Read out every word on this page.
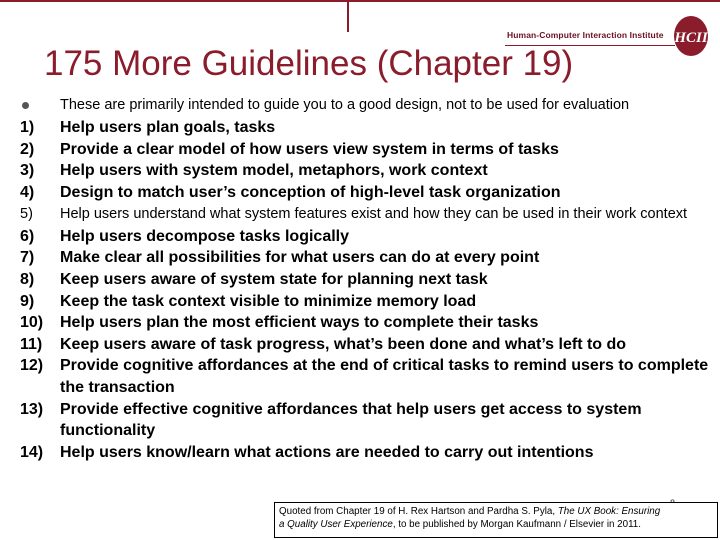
Human-Computer Interaction Institute HCII
175 More Guidelines (Chapter 19)
These are primarily intended to guide you to a good design, not to be used for evaluation
1)	Help users plan goals, tasks
2)	Provide a clear model of how users view system in terms of tasks
3)	Help users with system model, metaphors, work context
4)	Design to match user’s conception of high-level task organization
5)	Help users understand what system features exist and how they can be used in their work context
6)	Help users decompose tasks logically
7)	Make clear all possibilities for what users can do at every point
8)	Keep users aware of system state for planning next task
9)	Keep the task context visible to minimize memory load
10)	Help users plan the most efficient ways to complete their tasks
11)	Keep users aware of task progress, what’s been done and what’s left to do
12)	Provide cognitive affordances at the end of critical tasks to remind users to complete the transaction
13)	Provide effective cognitive affordances that help users get access to system functionality
14)	Help users know/learn what actions are needed to carry out intentions
Quoted from Chapter 19 of H. Rex Hartson and Pardha S. Pyla, The UX Book: Ensuring
a Quality User Experience, to be published by Morgan Kaufmann / Elsevier in 2011.
